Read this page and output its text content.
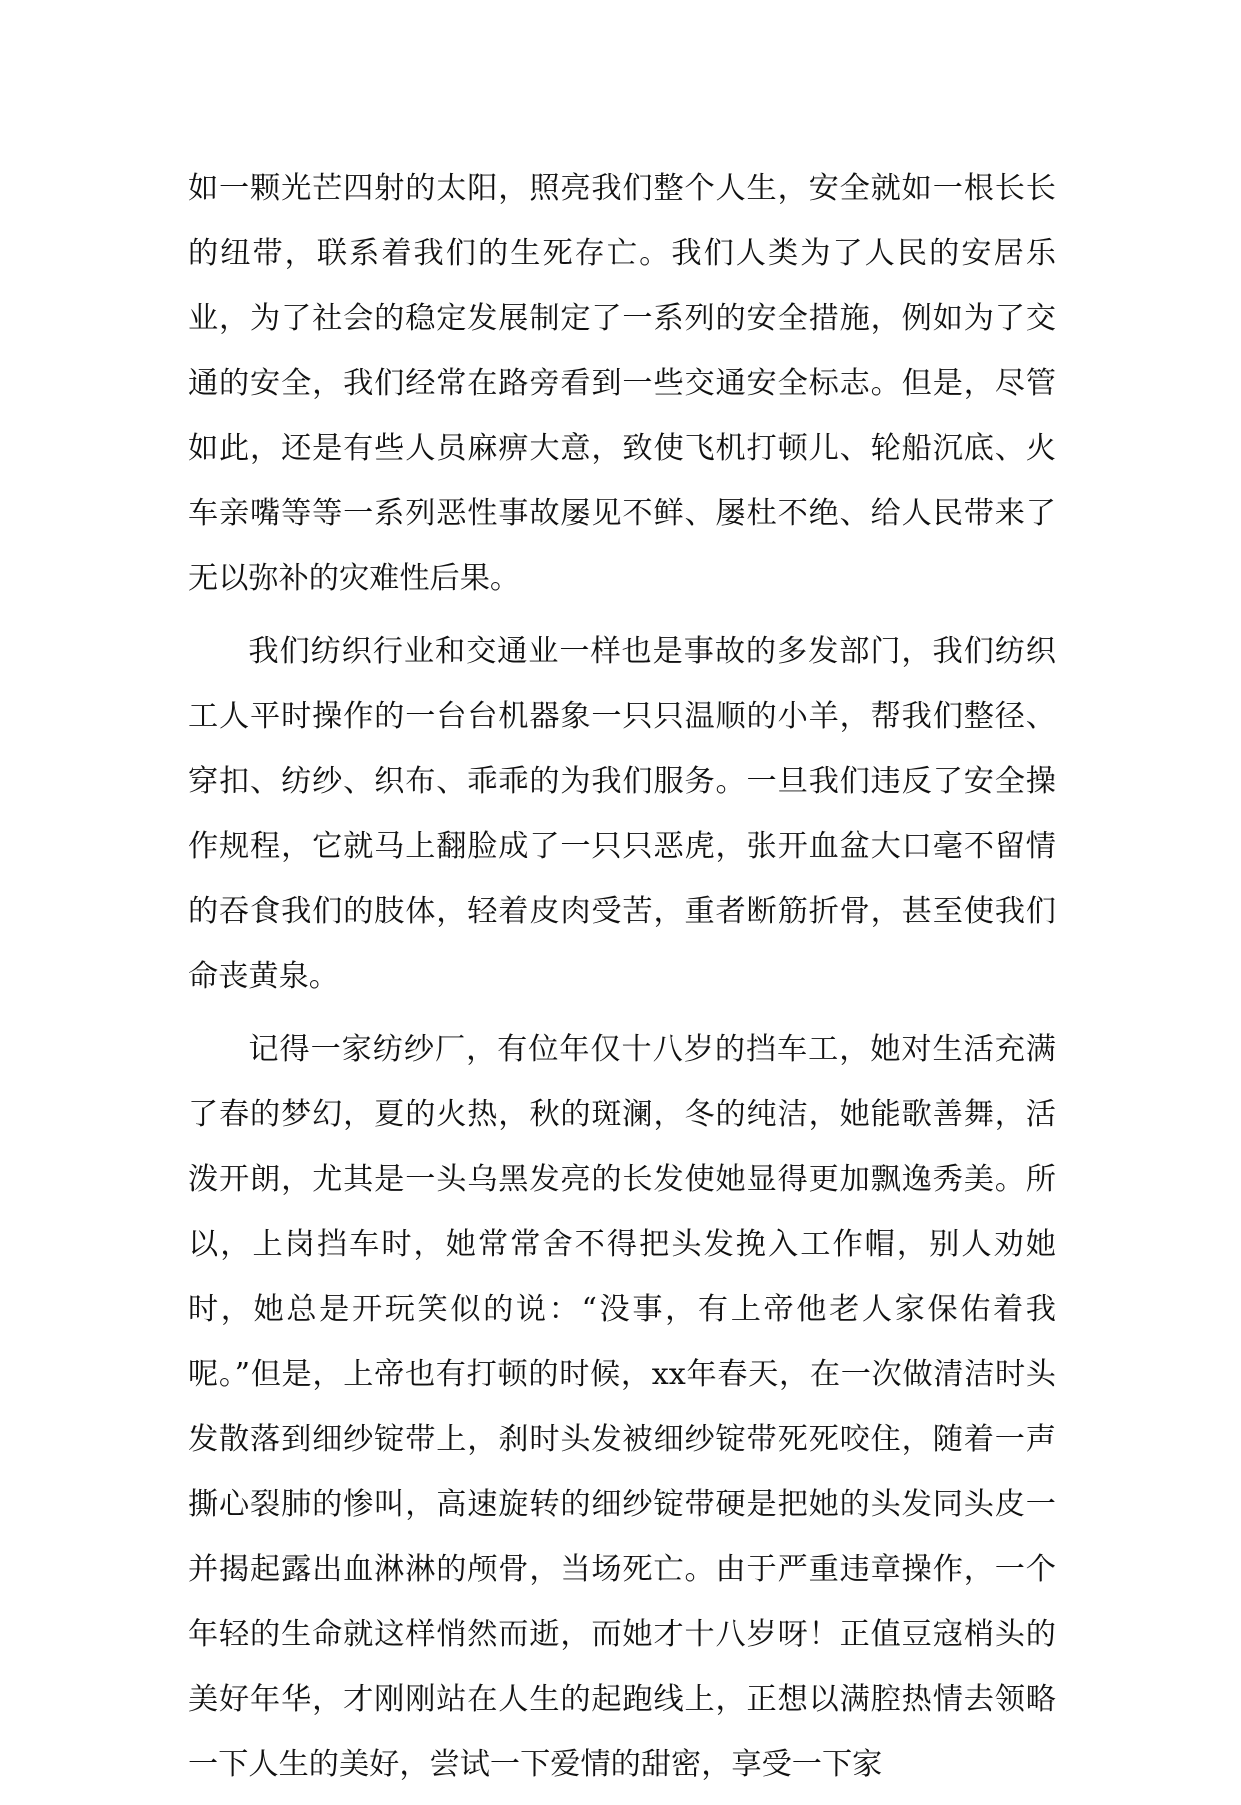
如一颗光芒四射的太阳，照亮我们整个人生，安全就如一根长长的纽带，联系着我们的生死存亡。我们人类为了人民的安居乐业，为了社会的稳定发展制定了一系列的安全措施，例如为了交通的安全，我们经常在路旁看到一些交通安全标志。但是，尽管如此，还是有些人员麻痹大意，致使飞机打顿儿、轮船沉底、火车亲嘴等等一系列恶性事故屡见不鲜、屡杜不绝、给人民带来了无以弥补的灾难性后果。

我们纺织行业和交通业一样也是事故的多发部门，我们纺织工人平时操作的一台台机器象一只只温顺的小羊，帮我们整径、穿扣、纺纱、织布、乖乖的为我们服务。一旦我们违反了安全操作规程，它就马上翻脸成了一只只恶虎，张开血盆大口毫不留情的吞食我们的肢体，轻着皮肉受苦，重者断筋折骨，甚至使我们命丧黄泉。

记得一家纺纱厂，有位年仅十八岁的挡车工，她对生活充满了春的梦幻，夏的火热，秋的斑澜，冬的纯洁，她能歌善舞，活泼开朗，尤其是一头乌黑发亮的长发使她显得更加飘逸秀美。所以，上岗挡车时，她常常舍不得把头发挽入工作帽，别人劝她时，她总是开玩笑似的说：“没事，有上帝他老人家保佑着我呢。”但是，上帝也有打顿的时候，xx年春天，在一次做清洁时头发散落到细纱锭带上，刹时头发被细纱锭带死死咬住，随着一声撕心裂肺的惨叫，高速旋转的细纱锭带硬是把她的头发同头皮一并揭起露出血淋淋的颅骨，当场死亡。由于严重违章操作，一个年轻的生命就这样悄然而逝，而她才十八岁呀！正值豆寇梢头的美好年华，才刚刚站在人生的起跑线上，正想以满腔热情去领略一下人生的美好，尝试一下爱情的甜密，享受一下家
